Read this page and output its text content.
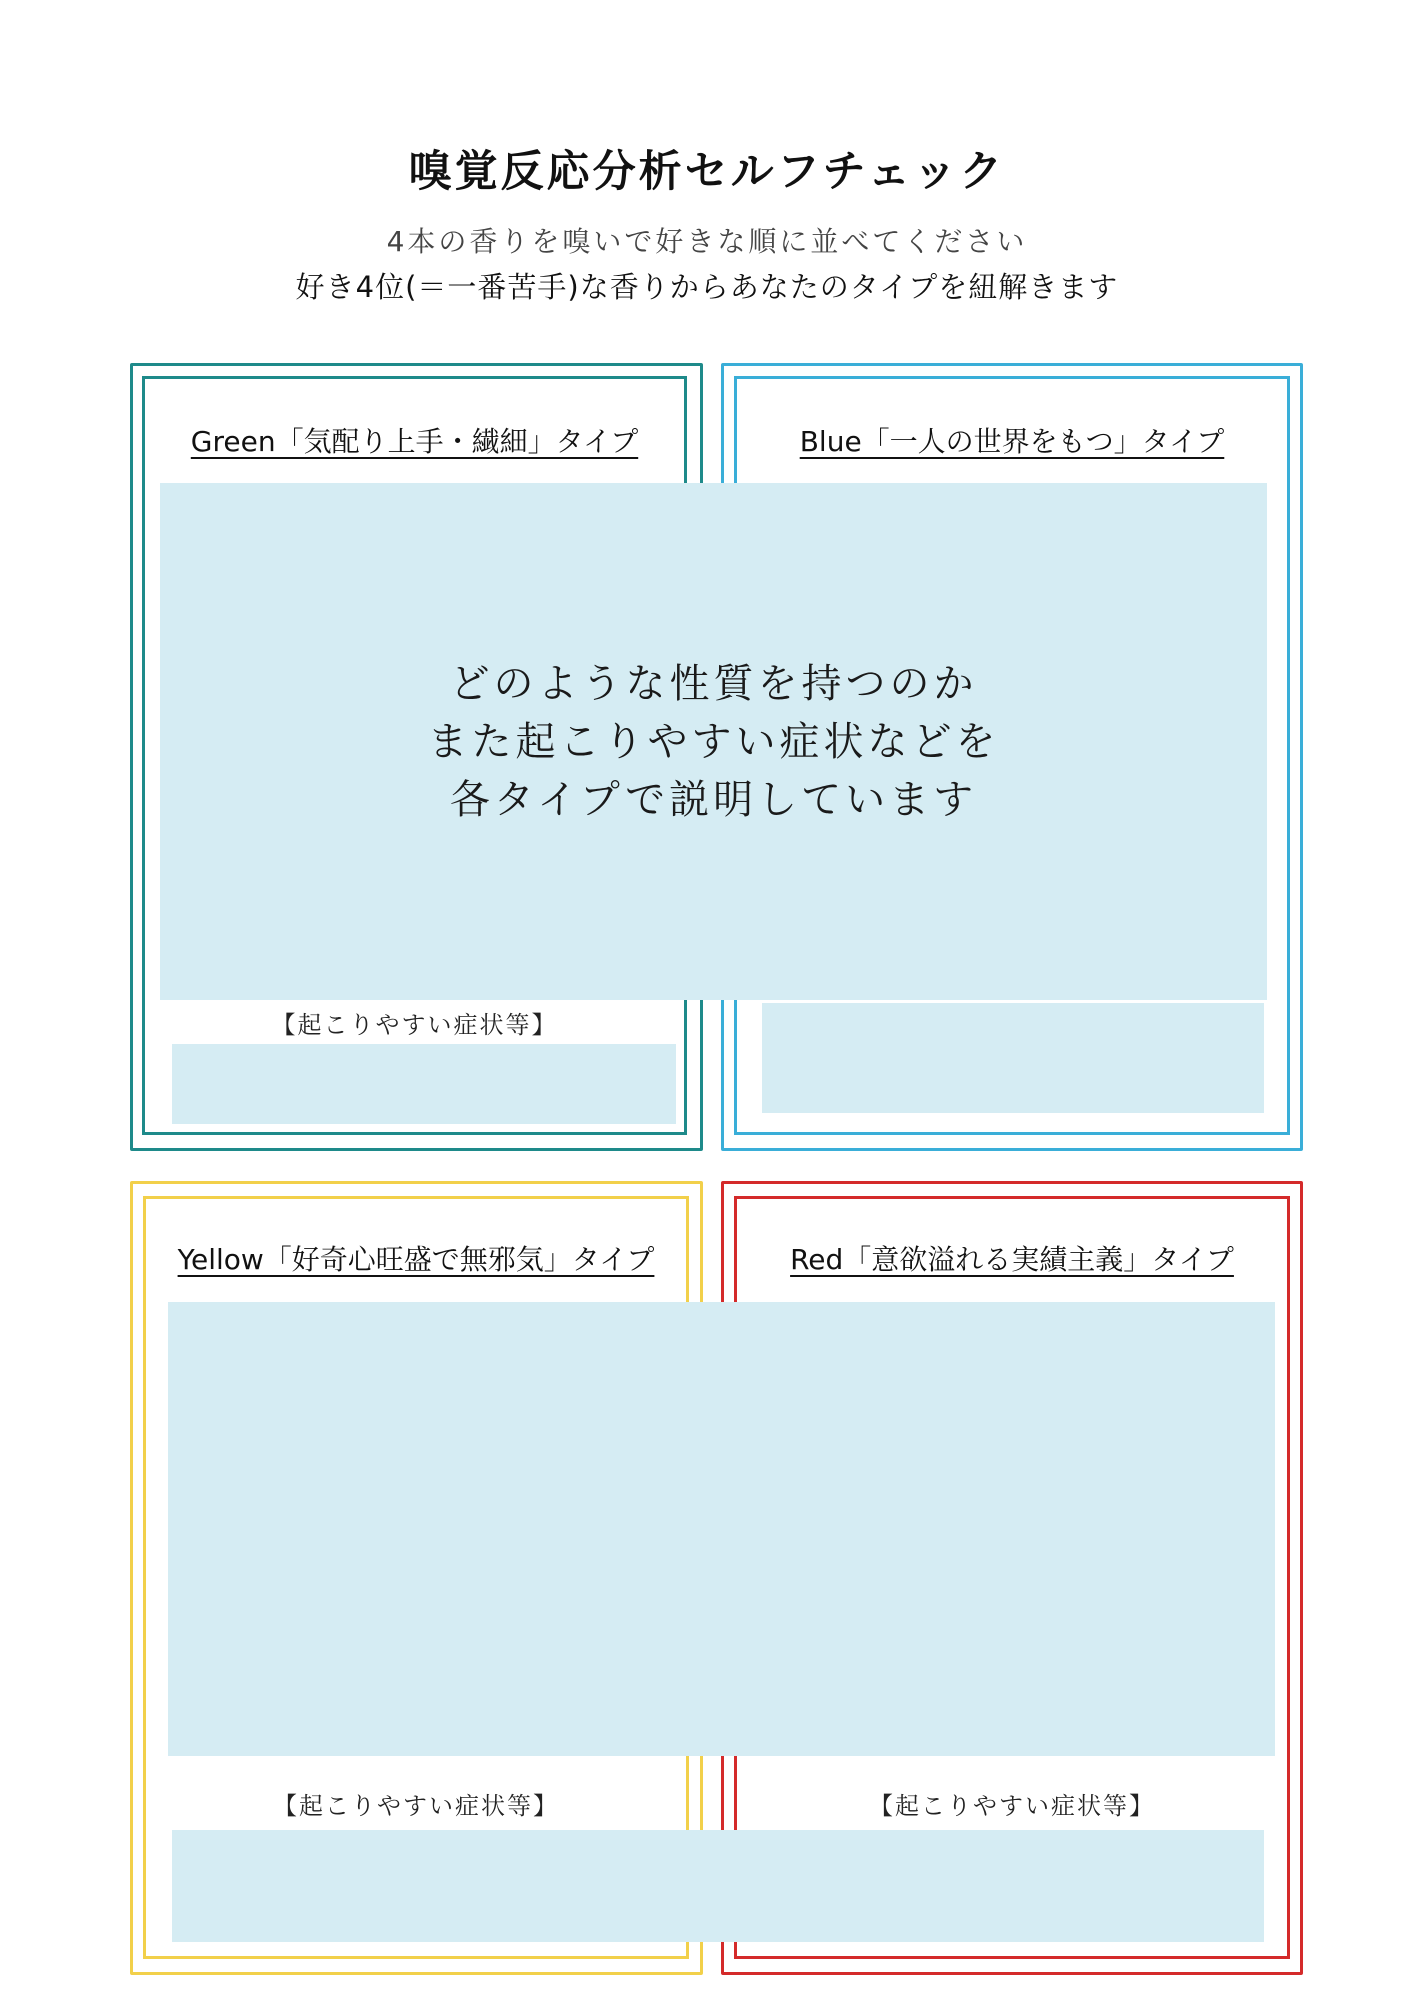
嗅覚反応分析セルフチェック
4本の香りを嗅いで好きな順に並べてください
好き4位(＝一番苦手)な香りからあなたのタイプを紐解きます
Green「気配り上手・繊細」タイプ
【起こりやすい症状等】
Blue「一人の世界をもつ」タイプ
どのような性質を持つのか
また起こりやすい症状などを
各タイプで説明しています
Yellow「好奇心旺盛で無邪気」タイプ
【起こりやすい症状等】
Red「意欲溢れる実績主義」タイプ
【起こりやすい症状等】
